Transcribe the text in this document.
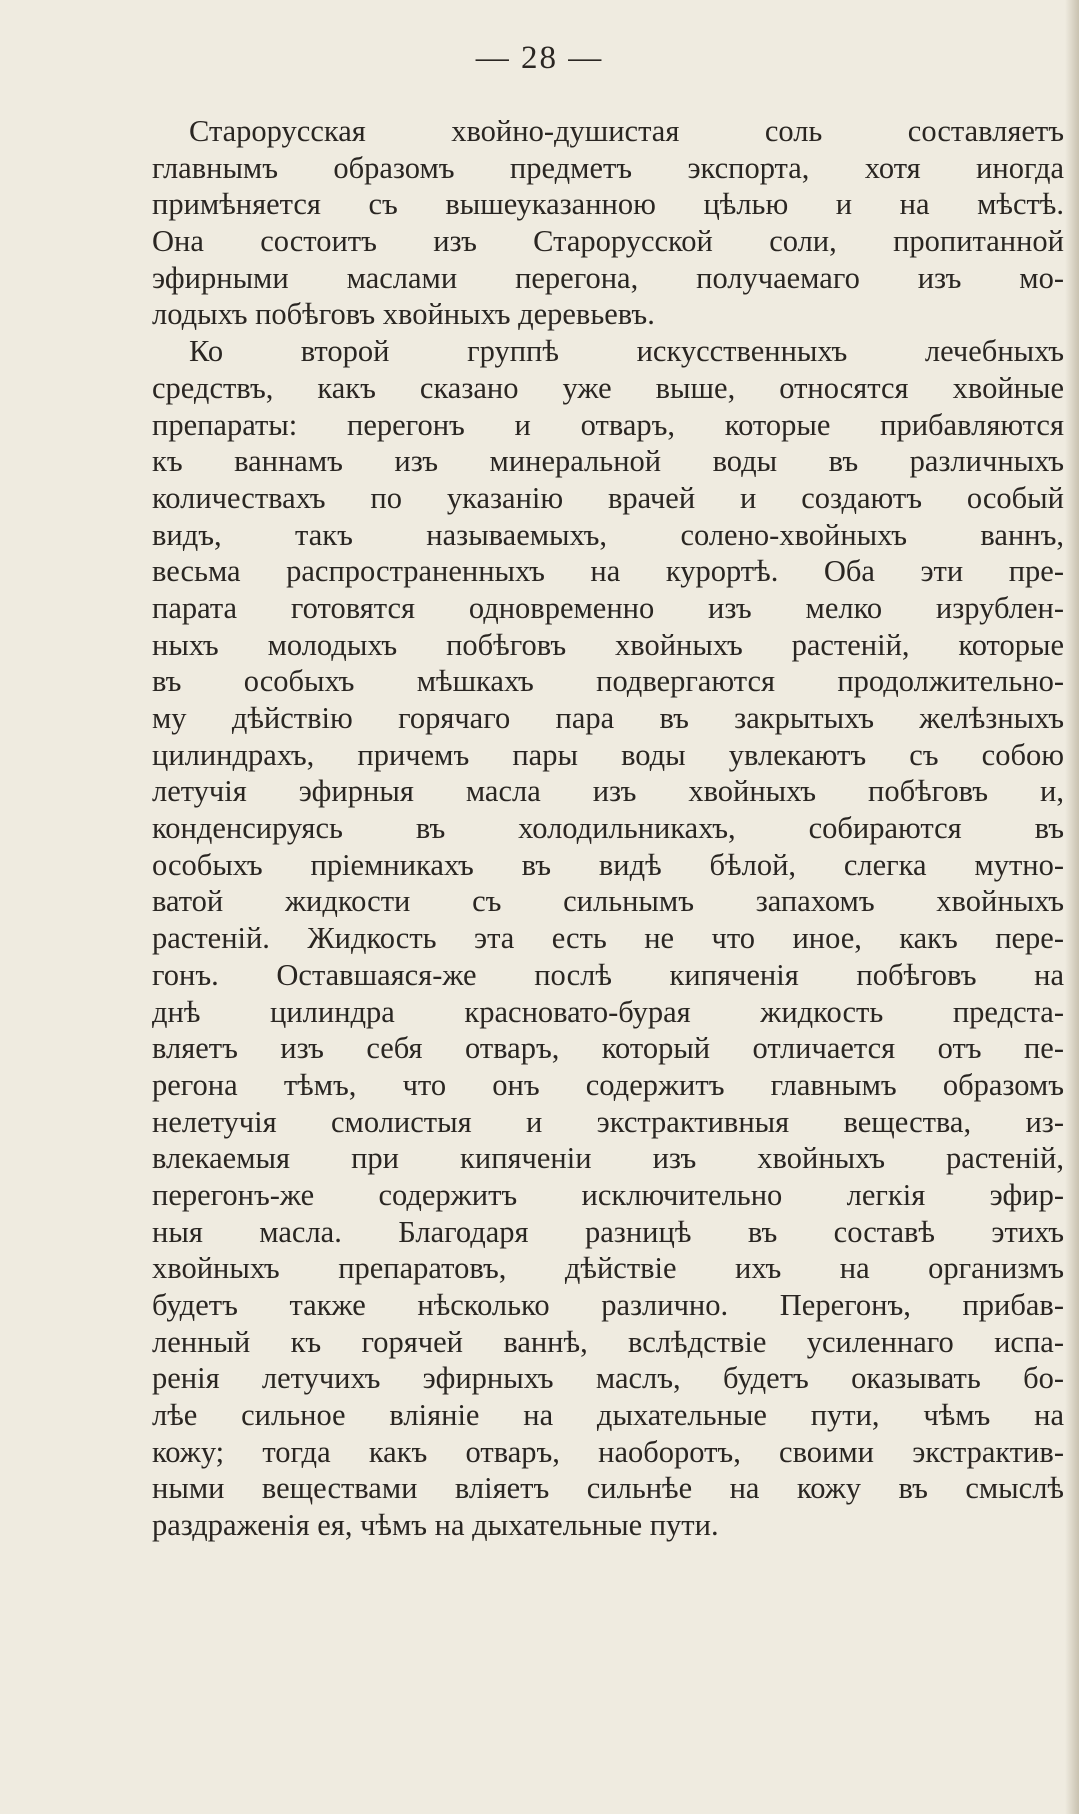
— 28 —

Старорусская хвойно-душистая соль составляетъ
главнымъ образомъ предметъ экспорта, хотя иногда
примѣняется съ вышеуказанною цѣлью и на мѣстѣ.
Она состоитъ изъ Старорусской соли, пропитанной
эфирными маслами перегона, получаемаго изъ мо-
лодыхъ побѣговъ хвойныхъ деревьевъ.

Ко второй группѣ искусственныхъ лечебныхъ
средствъ, какъ сказано уже выше, относятся хвойные
препараты: перегонъ и отваръ, которые прибавляются
къ ваннамъ изъ минеральной воды въ различныхъ
количествахъ по указанію врачей и создаютъ особый
видъ, такъ называемыхъ, солено-хвойныхъ ваннъ,
весьма распространенныхъ на курортѣ. Оба эти пре-
парата готовятся одновременно изъ мелко изрублен-
ныхъ молодыхъ побѣговъ хвойныхъ растеній, которые
въ особыхъ мѣшкахъ подвергаются продолжительно-
му дѣйствію горячаго пара въ закрытыхъ желѣзныхъ
цилиндрахъ, причемъ пары воды увлекаютъ съ собою
летучія эфирныя масла изъ хвойныхъ побѣговъ и,
конденсируясь въ холодильникахъ, собираются въ
особыхъ пріемникахъ въ видѣ бѣлой, слегка мутно-
ватой жидкости съ сильнымъ запахомъ хвойныхъ
растеній. Жидкость эта есть не что иное, какъ пере-
гонъ. Оставшаяся-же послѣ кипяченія побѣговъ на
днѣ цилиндра красновато-бурая жидкость предста-
вляетъ изъ себя отваръ, который отличается отъ пе-
регона тѣмъ, что онъ содержитъ главнымъ образомъ
нелетучія смолистыя и экстрактивныя вещества, из-
влекаемыя при кипяченіи изъ хвойныхъ растеній,
перегонъ-же содержитъ исключительно легкія эфир-
ныя масла. Благодаря разницѣ въ составѣ этихъ
хвойныхъ препаратовъ, дѣйствіе ихъ на организмъ
будетъ также нѣсколько различно. Перегонъ, прибав-
ленный къ горячей ваннѣ, вслѣдствіе усиленнаго испа-
ренія летучихъ эфирныхъ маслъ, будетъ оказывать бо-
лѣе сильное вліяніе на дыхательные пути, чѣмъ на
кожу; тогда какъ отваръ, наоборотъ, своими экстрактив-
ными веществами вліяетъ сильнѣе на кожу въ смыслѣ
раздраженія ея, чѣмъ на дыхательные пути.
